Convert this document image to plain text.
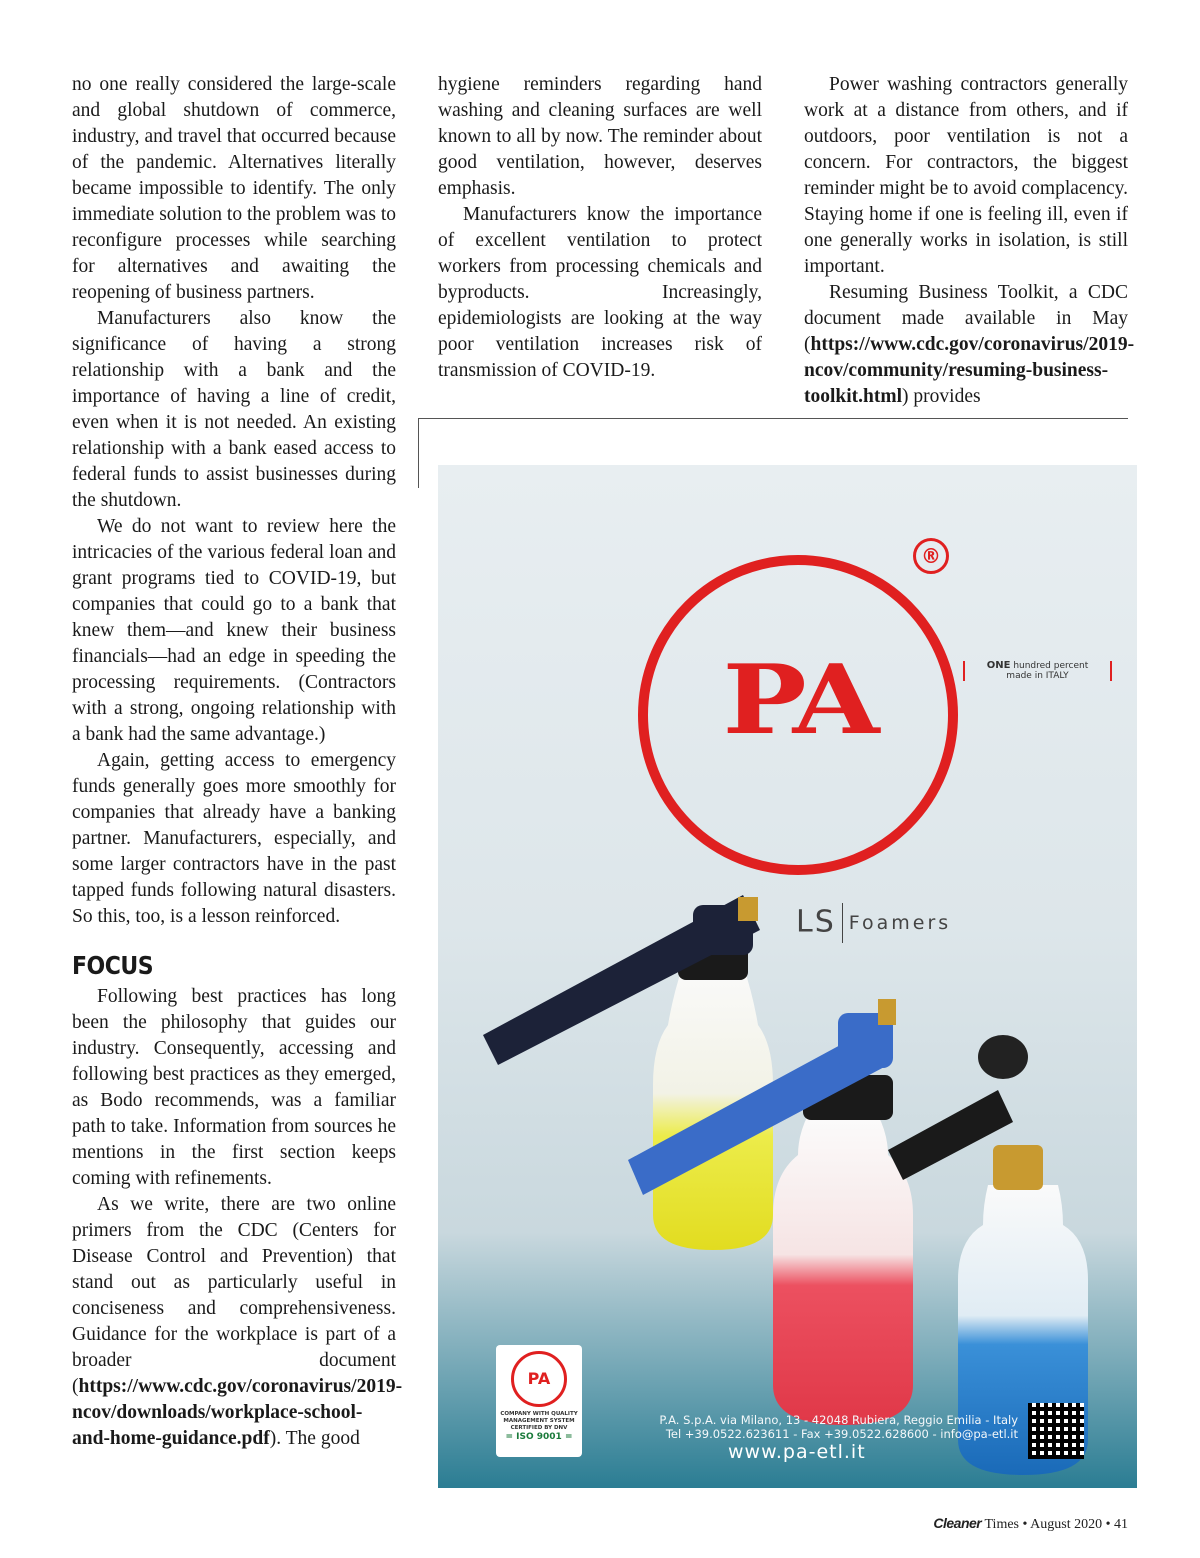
no one really considered the large-scale and global shutdown of commerce, industry, and travel that occurred because of the pandemic. Alternatives literally became impossible to identify. The only immediate solution to the problem was to reconfigure processes while searching for alternatives and awaiting the reopening of business partners.

Manufacturers also know the significance of having a strong relationship with a bank and the importance of having a line of credit, even when it is not needed. An existing relationship with a bank eased access to federal funds to assist businesses during the shutdown.

We do not want to review here the intricacies of the various federal loan and grant programs tied to COVID-19, but companies that could go to a bank that knew them—and knew their business financials—had an edge in speeding the processing requirements. (Contractors with a strong, ongoing relationship with a bank had the same advantage.)

Again, getting access to emergency funds generally goes more smoothly for companies that already have a banking partner. Manufacturers, especially, and some larger contractors have in the past tapped funds following natural disasters. So this, too, is a lesson reinforced.

FOCUS

Following best practices has long been the philosophy that guides our industry. Consequently, accessing and following best practices as they emerged, as Bodo recommends, was a familiar path to take. Information from sources he mentions in the first section keeps coming with refinements.

As we write, there are two online primers from the CDC (Centers for Disease Control and Prevention) that stand out as particularly useful in conciseness and comprehensiveness. Guidance for the workplace is part of a broader document (https://www.cdc.gov/coronavirus/2019-ncov/downloads/workplace-school-and-home-guidance.pdf). The good

hygiene reminders regarding hand washing and cleaning surfaces are well known to all by now. The reminder about good ventilation, however, deserves emphasis.

Manufacturers know the importance of excellent ventilation to protect workers from processing chemicals and byproducts. Increasingly, epidemiologists are looking at the way poor ventilation increases risk of transmission of COVID-19.

Power washing contractors generally work at a distance from others, and if outdoors, poor ventilation is not a concern. For contractors, the biggest reminder might be to avoid complacency. Staying home if one is feeling ill, even if one generally works in isolation, is still important.

Resuming Business Toolkit, a CDC document made available in May (https://www.cdc.gov/coronavirus/2019-ncov/community/resuming-business-toolkit.html) provides

PA
®
ONE hundred percent
made in ITALY
LS Foamers
PA
COMPANY WITH QUALITY MANAGEMENT SYSTEM CERTIFIED BY DNV
= ISO 9001 =
P.A. S.p.A. via Milano, 13 - 42048 Rubiera, Reggio Emilia - Italy
Tel +39.0522.623611 - Fax +39.0522.628600 - info@pa-etl.it
www.pa-etl.it
Cleaner Times • August 2020 • 41
